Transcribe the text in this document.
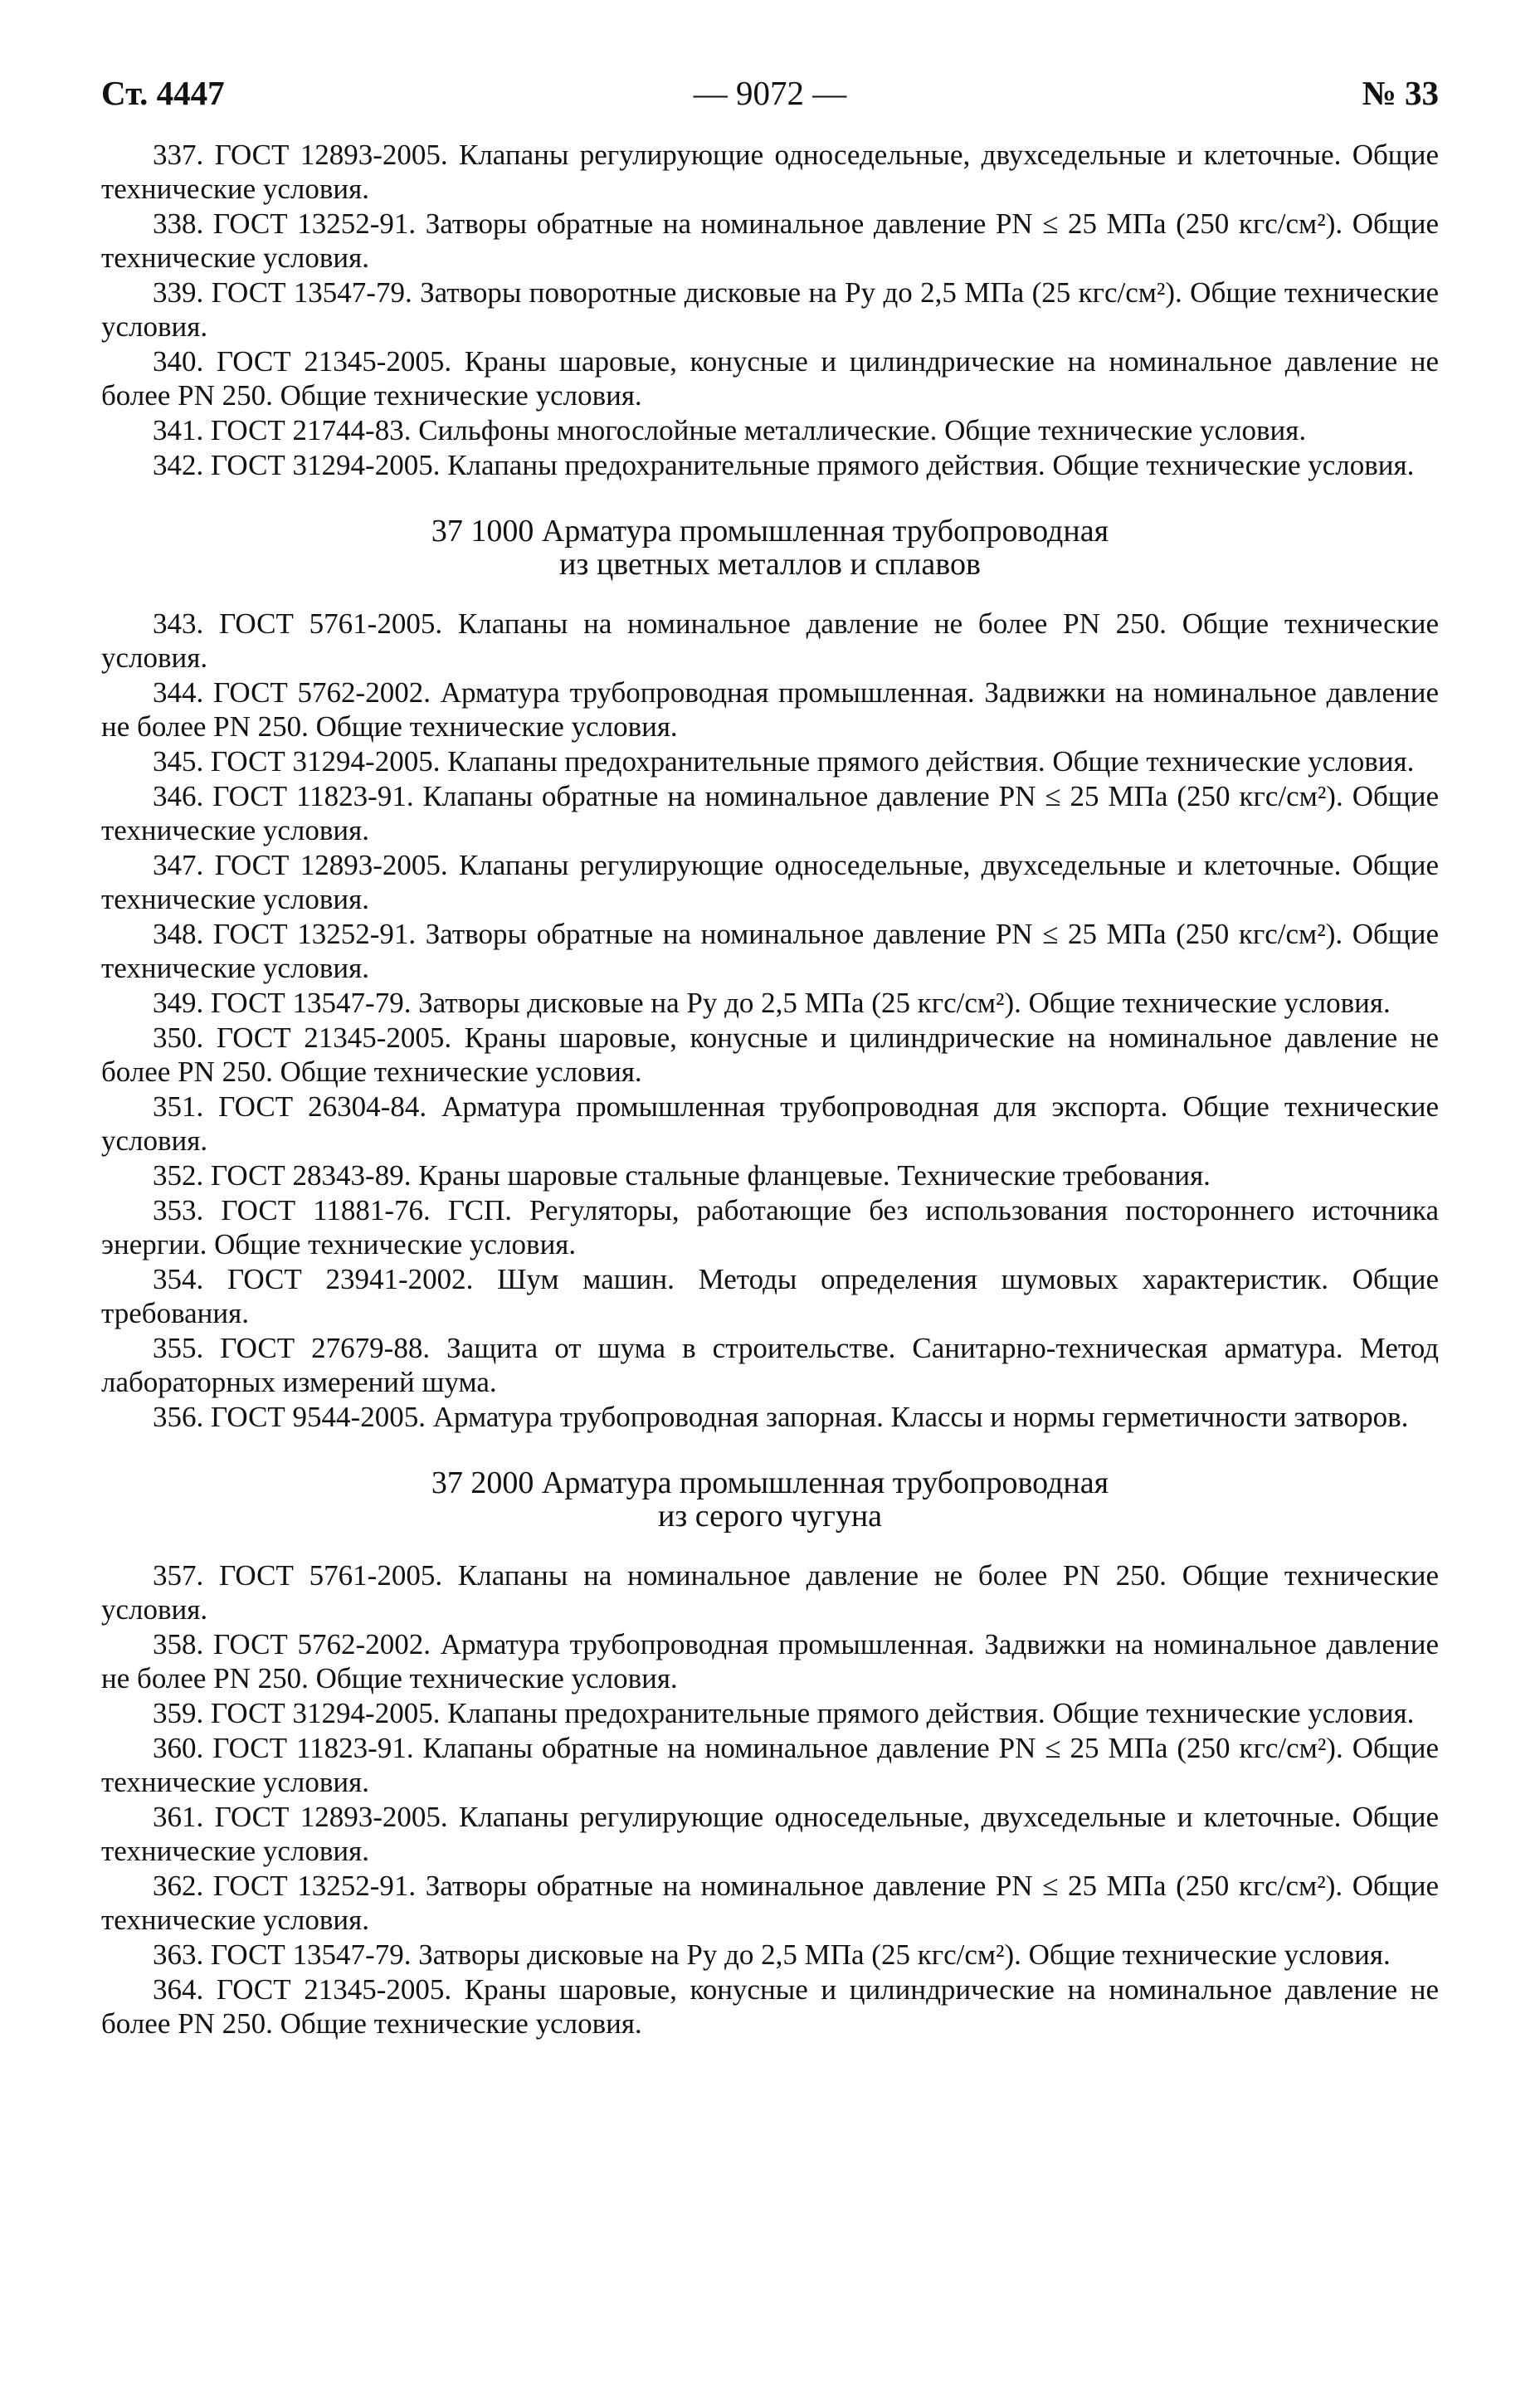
Ст. 4447	— 9072 —	№ 33

337. ГОСТ 12893-2005. Клапаны регулирующие односедельные, двухседельные и клеточные. Общие технические условия.

338. ГОСТ 13252-91. Затворы обратные на номинальное давление PN ≤ 25 МПа (250 кгс/см²). Общие технические условия.

339. ГОСТ 13547-79. Затворы поворотные дисковые на Ру до 2,5 МПа (25 кгс/см²). Общие технические условия.

340. ГОСТ 21345-2005. Краны шаровые, конусные и цилиндрические на номинальное давление не более PN 250. Общие технические условия.

341. ГОСТ 21744-83. Сильфоны многослойные металлические. Общие технические условия.

342. ГОСТ 31294-2005. Клапаны предохранительные прямого действия. Общие технические условия.

37 1000 Арматура промышленная трубопроводная
из цветных металлов и сплавов

343. ГОСТ 5761-2005. Клапаны на номинальное давление не более PN 250. Общие технические условия.

344. ГОСТ 5762-2002. Арматура трубопроводная промышленная. Задвижки на номинальное давление не более PN 250. Общие технические условия.

345. ГОСТ 31294-2005. Клапаны предохранительные прямого действия. Общие технические условия.

346. ГОСТ 11823-91. Клапаны обратные на номинальное давление PN ≤ 25 МПа (250 кгс/см²). Общие технические условия.

347. ГОСТ 12893-2005. Клапаны регулирующие односедельные, двухседельные и клеточные. Общие технические условия.

348. ГОСТ 13252-91. Затворы обратные на номинальное давление PN ≤ 25 МПа (250 кгс/см²). Общие технические условия.

349. ГОСТ 13547-79. Затворы дисковые на Ру до 2,5 МПа (25 кгс/см²). Общие технические условия.

350. ГОСТ 21345-2005. Краны шаровые, конусные и цилиндрические на номинальное давление не более PN 250. Общие технические условия.

351. ГОСТ 26304-84. Арматура промышленная трубопроводная для экспорта. Общие технические условия.

352. ГОСТ 28343-89. Краны шаровые стальные фланцевые. Технические требования.

353. ГОСТ 11881-76. ГСП. Регуляторы, работающие без использования постороннего источника энергии. Общие технические условия.

354. ГОСТ 23941-2002. Шум машин. Методы определения шумовых характеристик. Общие требования.

355. ГОСТ 27679-88. Защита от шума в строительстве. Санитарно-техническая арматура. Метод лабораторных измерений шума.

356. ГОСТ 9544-2005. Арматура трубопроводная запорная. Классы и нормы герметичности затворов.

37 2000 Арматура промышленная трубопроводная
из серого чугуна

357. ГОСТ 5761-2005. Клапаны на номинальное давление не более PN 250. Общие технические условия.

358. ГОСТ 5762-2002. Арматура трубопроводная промышленная. Задвижки на номинальное давление не более PN 250. Общие технические условия.

359. ГОСТ 31294-2005. Клапаны предохранительные прямого действия. Общие технические условия.

360. ГОСТ 11823-91. Клапаны обратные на номинальное давление PN ≤ 25 МПа (250 кгс/см²). Общие технические условия.

361. ГОСТ 12893-2005. Клапаны регулирующие односедельные, двухседельные и клеточные. Общие технические условия.

362. ГОСТ 13252-91. Затворы обратные на номинальное давление PN ≤ 25 МПа (250 кгс/см²). Общие технические условия.

363. ГОСТ 13547-79. Затворы дисковые на Ру до 2,5 МПа (25 кгс/см²). Общие технические условия.

364. ГОСТ 21345-2005. Краны шаровые, конусные и цилиндрические на номинальное давление не более PN 250. Общие технические условия.
